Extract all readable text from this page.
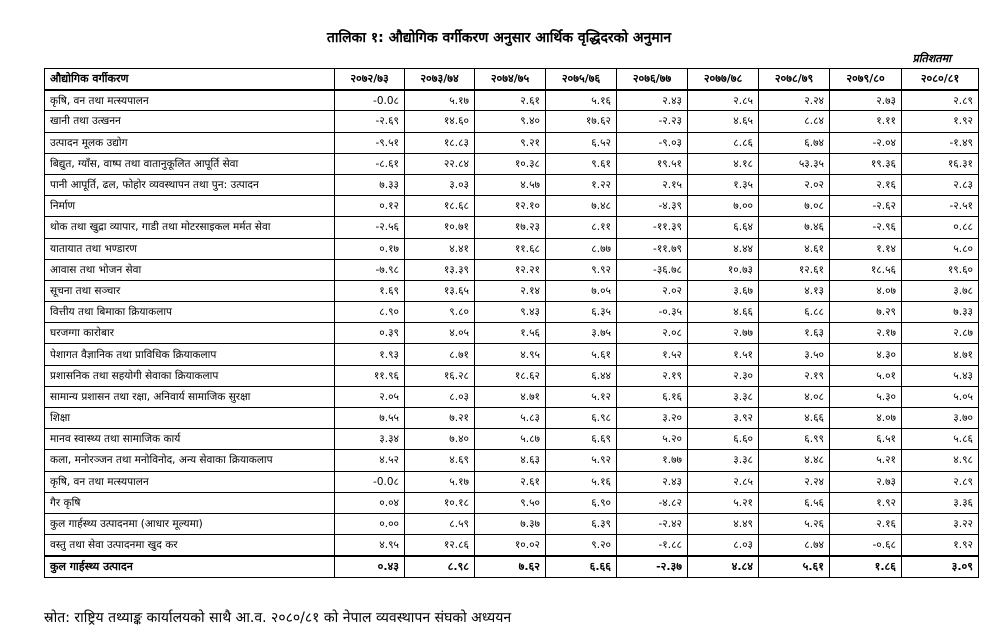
तालिका १: औद्योगिक वर्गीकरण अनुसार आर्थिक वृद्धिदरको अनुमान
प्रतिशतमा
औद्योगिक वर्गीकरण	२०७२/७३	२०७३/७४	२०७४/७५	२०७५/७६	२०७६/७७	२०७७/७८	२०७८/७९	२०७९/८०	२०८०/८१
कृषि, वन तथा मत्स्यपालन	-0.0८	५.१७	२.६१	५.१६	२.४३	२.८५	२.२४	२.७३	२.८९
खानी तथा उत्खनन	-२.६९	१४.६०	९.४०	१७.६२	-२.२३	४.६५	८.८४	१.११	१.९२
उत्पादन मूलक उद्योग	-९.५१	१८.८३	९.२१	६.५२	-९.०३	८.८६	६.७४	-२.०४	-१.४९
बिद्युत, ग्याँस, वाष्प तथा वातानुकूलित आपूर्ति सेवा	-८.६१	२२.८४	१०.३८	९.६१	१९.५१	४.१८	५३.३५	१९.३६	१६.३१
पानी आपूर्ति, ढल, फोहोर व्यवस्थापन तथा पुन: उत्पादन	७.३३	३.०३	४.५७	१.२२	२.१५	१.३५	२.०२	२.१६	२.८३
निर्माण	०.१२	१८.६८	१२.१०	७.४८	-४.३९	७.००	७.०८	-२.६२	-२.५१
थोक तथा खुद्रा व्यापार, गाडी तथा मोटरसाइकल मर्मत सेवा	-२.५६	१०.७१	१७.२३	८.११	-११.३९	६.६४	७.४६	-२.९६	०.८८
यातायात तथा भण्डारण	०.१७	४.४१	११.६८	८.७७	-११.७९	४.४४	४.६१	१.१४	५.८०
आवास तथा भोजन सेवा	-७.९८	१३.३९	१२.२१	९.९२	-३६.७८	१०.७३	१२.६१	१८.५६	१९.६०
सूचना तथा सञ्चार	१.६९	१३.६५	२.१४	७.०५	२.०२	३.६७	४.१३	४.०७	३.७८
वित्तीय तथा बिमाका क्रियाकलाप	८.९०	९.८०	९.४३	६.३५	-०.३५	४.६६	६.८८	७.२९	७.३३
घरजग्गा कारोबार	०.३९	४.०५	१.५६	३.७५	२.०८	२.७७	१.६३	२.१७	२.८७
पेशागत वैज्ञानिक तथा प्राविधिक क्रियाकलाप	१.९३	८.७१	४.९५	५.६१	१.५२	१.५१	३.५०	४.३०	४.७१
प्रशासनिक तथा सहयोगी सेवाका क्रियाकलाप	११.९६	१६.२८	१८.६२	६.४४	२.१९	२.३०	२.१९	५.०१	५.४३
सामान्य प्रशासन तथा रक्षा, अनिवार्य सामाजिक सुरक्षा	२.०५	८.०३	४.७१	५.१२	६.१६	३.३८	४.०८	५.३०	५.०५
शिक्षा	७.५५	७.२१	५.८३	६.९८	३.२०	३.९२	४.६६	४.०७	३.७०
मानव स्वास्थ्य तथा सामाजिक कार्य	३.३४	७.४०	५.८७	६.६९	५.२०	६.६०	६.९९	६.५१	५.८६
कला, मनोरञ्जन तथा मनोविनोद, अन्य सेवाका क्रियाकलाप	४.५२	४.६९	४.६३	५.९२	१.७७	३.३८	४.४८	५.२१	४.९८
कृषि, वन तथा मत्स्यपालन	-0.0८	५.१७	२.६१	५.१६	२.४३	२.८५	२.२४	२.७३	२.८९
गैर कृषि	०.०४	१०.१८	९.५०	६.९०	-४.८२	५.२१	६.५६	१.९२	३.३६
कुल गार्हस्थ्य उत्पादनमा (आधार मूल्यमा)	०.००	८.५९	७.३७	६.३९	-२.४२	४.४९	५.२६	२.१६	३.२२
वस्तु तथा सेवा उत्पादनमा खुद कर	४.९५	१२.८६	१०.०२	९.२०	-१.८८	८.०३	८.७४	-०.६८	१.९२
कुल गार्हस्थ्य उत्पादन	०.४३	८.९८	७.६२	६.६६	-२.३७	४.८४	५.६१	१.८६	३.०९
स्रोत: राष्ट्रिय तथ्याङ्क कार्यालयको साथै आ.व. २०८०/८१ को नेपाल व्यवस्थापन संघको अध्ययन
